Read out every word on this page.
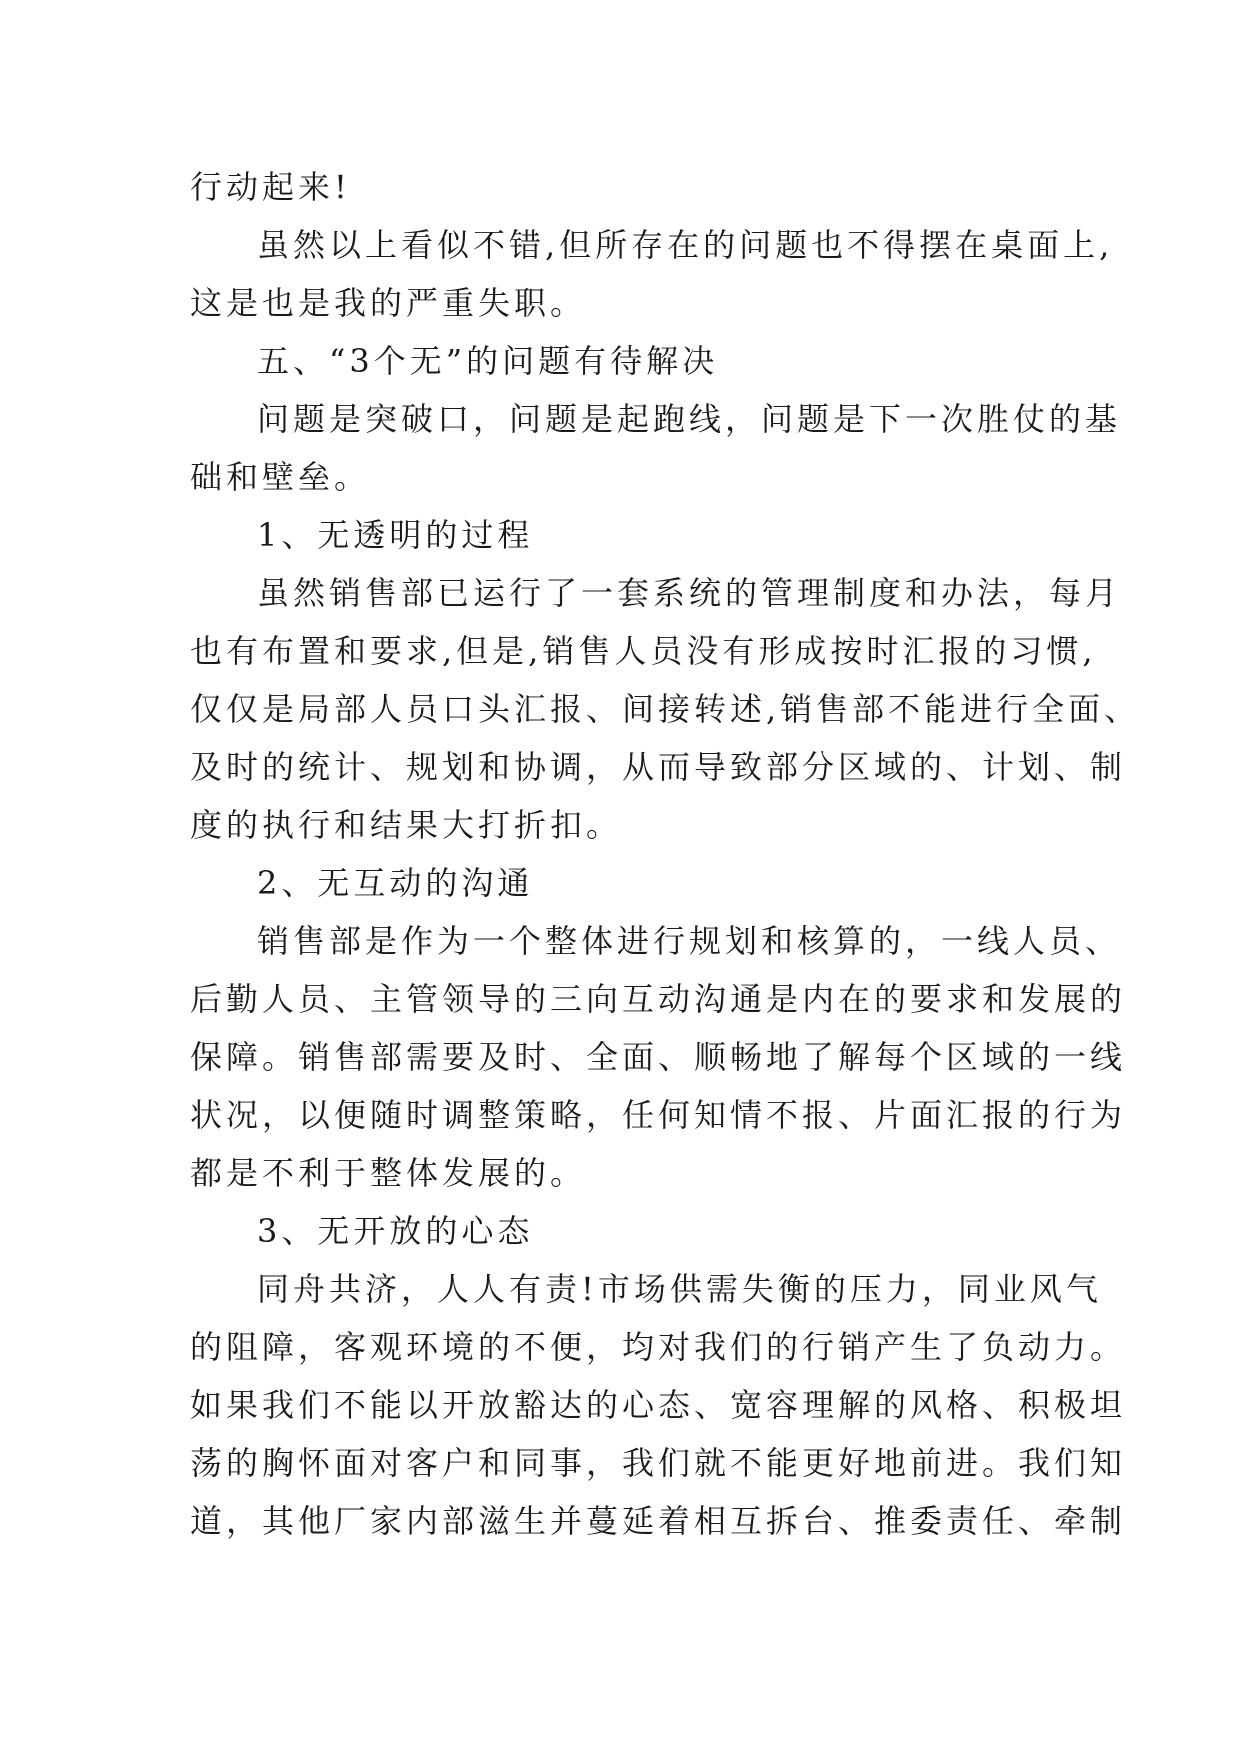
行动起来!
虽然以上看似不错,但所存在的问题也不得摆在桌面上,
这是也是我的严重失职。
五、“3个无”的问题有待解决
问题是突破口，问题是起跑线，问题是下一次胜仗的基
础和壁垒。
1、无透明的过程
虽然销售部已运行了一套系统的管理制度和办法，每月
也有布置和要求,但是,销售人员没有形成按时汇报的习惯,
仅仅是局部人员口头汇报、间接转述,销售部不能进行全面、
及时的统计、规划和协调，从而导致部分区域的、计划、制
度的执行和结果大打折扣。
2、无互动的沟通
销售部是作为一个整体进行规划和核算的，一线人员、
后勤人员、主管领导的三向互动沟通是内在的要求和发展的
保障。销售部需要及时、全面、顺畅地了解每个区域的一线
状况，以便随时调整策略，任何知情不报、片面汇报的行为
都是不利于整体发展的。
3、无开放的心态
同舟共济，人人有责!市场供需失衡的压力，同业风气
的阻障，客观环境的不便，均对我们的行销产生了负动力。
如果我们不能以开放豁达的心态、宽容理解的风格、积极坦
荡的胸怀面对客户和同事，我们就不能更好地前进。我们知
道，其他厂家内部滋生并蔓延着相互拆台、推委责任、牵制
